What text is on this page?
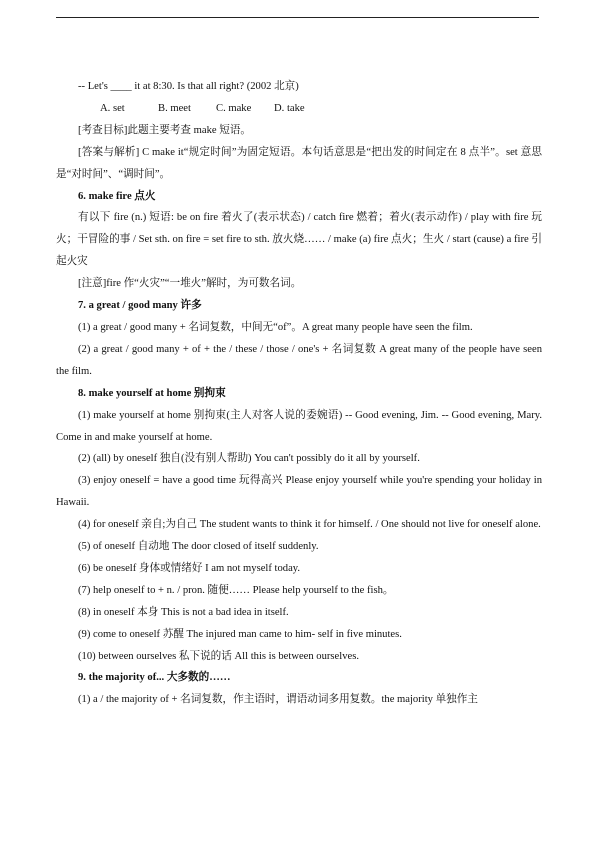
-- Let's ____ it at 8:30. Is that all right? (2002 北京)

A. set	B. meet C. make D. take

[考查目标]此题主要考查 make 短语。

[答案与解析] C make it“规定时间”为固定短语。本句话意思是“把出发的时间定在 8 点半”。set 意思是“对时间”、“调时间”。

6. make fire 点火

有以下 fire (n.) 短语: be on fire 着火了(表示状态) / catch fire 燃着；着火(表示动作) / play with fire 玩火；干冒险的事 / Set sth. on fire = set fire to sth. 放火烧…… / make (a) fire 点火；生火 / start (cause) a fire 引起火灾

[注意]fire 作“火灾”“一堆火”解时，为可数名词。

7. a great / good many 许多

(1) a great / good many + 名词复数，中间无“of”。A great many people have seen the film.

(2) a great / good many + of + the / these / those / one's + 名词复数 A great many of the people have seen the film.

8. make yourself at home 别拘束

(1) make yourself at home 别拘束(主人对客人说的委婉语) -- Good evening, Jim. -- Good evening, Mary. Come in and make yourself at home.

(2) (all) by oneself 独自(没有别人帮助) You can't possibly do it all by yourself.

(3) enjoy oneself = have a good time 玩得高兴 Please enjoy yourself while you're spending your holiday in Hawaii.

(4) for oneself 亲自;为自己 The student wants to think it for himself. / One should not live for oneself alone.

(5) of oneself 自动地 The door closed of itself suddenly.

(6) be oneself 身体或情绪好 I am not myself today.

(7) help oneself to + n. / pron. 随便…… Please help yourself to the fish。

(8) in oneself 本身 This is not a bad idea in itself.

(9) come to oneself 苏醒 The injured man came to him- self in five minutes.

(10) between ourselves 私下说的话 All this is between ourselves.

9. the majority of... 大多数的……

(1) a / the majority of + 名词复数，作主语时，谓语动词多用复数。the majority 单独作主
